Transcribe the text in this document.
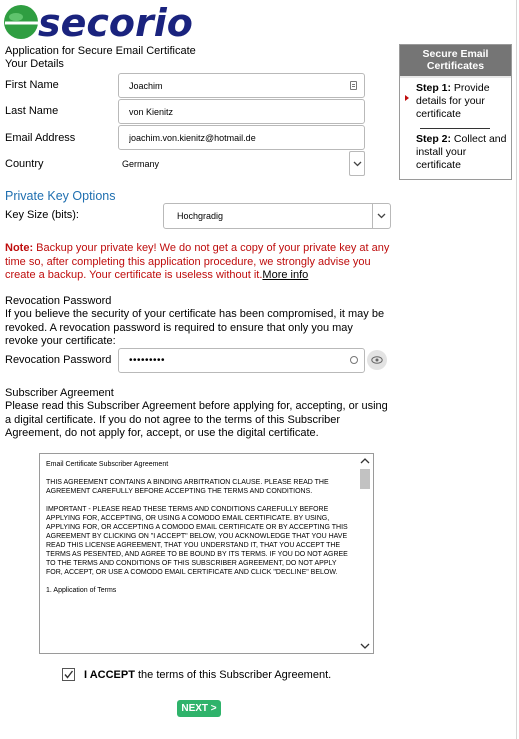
secorio
Application for Secure Email Certificate
Your Details
First Name
Joachim
Last Name
von Kienitz
Email Address
joachim.von.kienitz@hotmail.de
Country	Germany
Private Key Options
Key Size (bits):	Hochgradig

Note: Backup your private key! We do not get a copy of your private key at any time so, after completing this application procedure, we strongly advise you create a backup. Your certificate is useless without it.More info

Revocation Password

If you believe the security of your certificate has been compromised, it may be revoked. A revocation password is required to ensure that only you may revoke your certificate:

Revocation Password •••••••••
Subscriber Agreement

Please read this Subscriber Agreement before applying for, accepting, or using a digital certificate. If you do not agree to the terms of this Subscriber Agreement, do not apply for, accept, or use the digital certificate.

Email Certificate Subscriber Agreement
THIS AGREEMENT CONTAINS A BINDING ARBITRATION CLAUSE. PLEASE READ THE AGREEMENT CAREFULLY BEFORE ACCEPTING THE TERMS AND CONDITIONS.
IMPORTANT - PLEASE READ THESE TERMS AND CONDITIONS CAREFULLY BEFORE APPLYING FOR, ACCEPTING, OR USING A COMODO EMAIL CERTIFICATE. BY USING, APPLYING FOR, OR ACCEPTING A COMODO EMAIL CERTIFICATE OR BY ACCEPTING THIS AGREEMENT BY CLICKING ON "I ACCEPT" BELOW, YOU ACKNOWLEDGE THAT YOU HAVE READ THIS LICENSE AGREEMENT, THAT YOU UNDERSTAND IT, THAT YOU ACCEPT THE TERMS AS PESENTED, AND AGREE TO BE BOUND BY ITS TERMS. IF YOU DO NOT AGREE TO THE TERMS AND CONDITIONS OF THIS SUBSCRIBER AGREEMENT, DO NOT APPLY FOR, ACCEPT, OR USE A COMODO EMAIL CERTIFICATE AND CLICK "DECLINE" BELOW.
1. Application of Terms
I ACCEPT the terms of this Subscriber Agreement.
NEXT >
Secure Email Certificates
Step 1: Provide details for your certificate
Step 2: Collect and install your certificate
